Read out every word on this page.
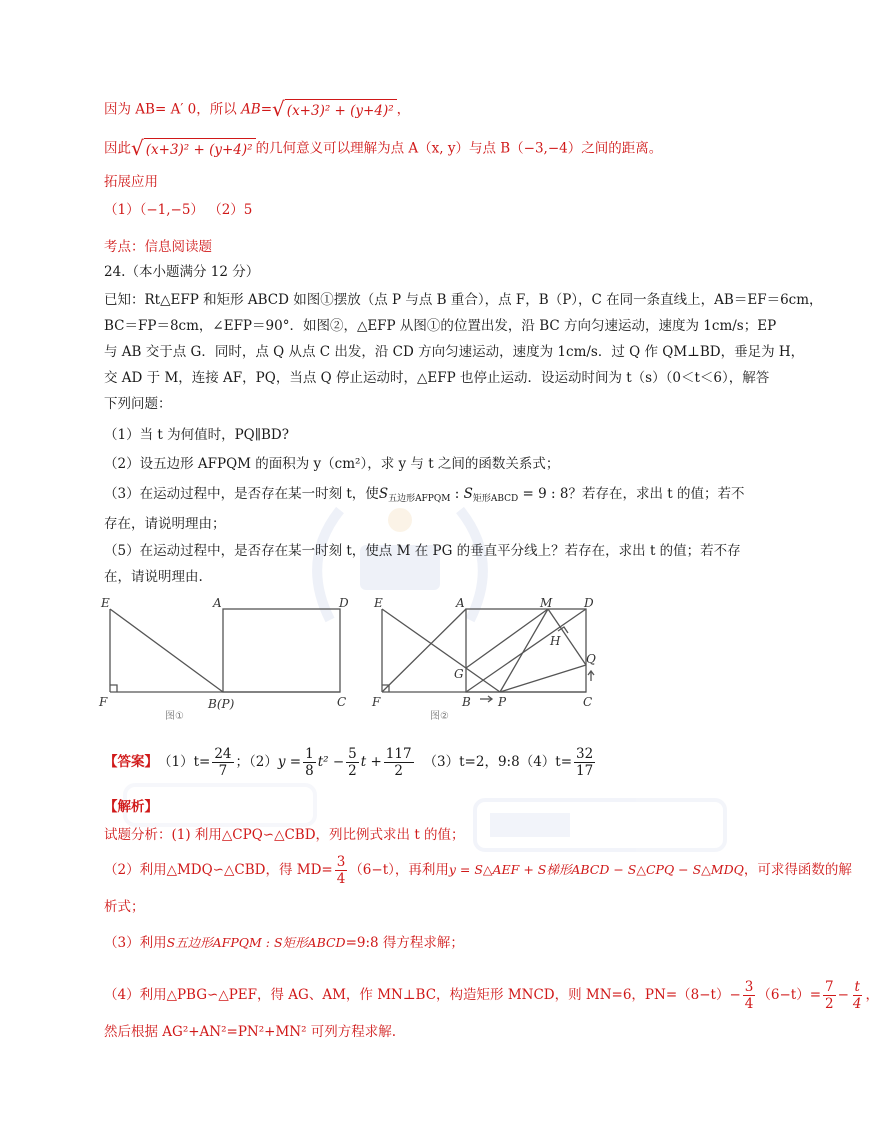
因为 AB= A′ 0，所以 AB= √ (x+3)² + (y+4)² ，
因此 √ (x+3)² + (y+4)² 的几何意义可以理解为点 A（x, y）与点 B（−3,−4）之间的距离。
拓展应用
（1）（−1,−5） （2）5
考点：信息阅读题
24.（本小题满分 12 分）
已知：Rt△EFP 和矩形 ABCD 如图①摆放（点 P 与点 B 重合），点 F，B（P），C 在同一条直线上，AB＝EF＝6cm，
BC＝FP＝8cm，∠EFP＝90°．如图②，△EFP 从图①的位置出发，沿 BC 方向匀速运动，速度为 1cm/s；EP
与 AB 交于点 G．同时，点 Q 从点 C 出发，沿 CD 方向匀速运动，速度为 1cm/s．过 Q 作 QM⊥BD，垂足为 H，
交 AD 于 M，连接 AF，PQ，当点 Q 停止运动时，△EFP 也停止运动．设运动时间为 t（s）（0＜t＜6），解答
下列问题：
（1）当 t 为何值时，PQ∥BD?
（2）设五边形 AFPQM 的面积为 y（cm²），求 y 与 t 之间的函数关系式；
（3）在运动过程中，是否存在某一时刻 t，使$S_{五边形AFPQM}$ : $S_{矩形ABCD} = 9$ : 8？若存在，求出 t 的值；若不
存在，请说明理由；
（5）在运动过程中，是否存在某一时刻 t，使点 M 在 PG 的垂直平分线上？若存在，求出 t 的值；若不存
在，请说明理由.
E	A	D
F	B(P)	C
图①
E	A	M	D
H
G
Q
F	B P	C
图②
【答案】 $(1)t= \frac{24}{7}$ ；（2） $y = \frac{1}{8} t^2 - \frac{5}{2}$ $t + \frac{117}{2} (3)t=2$，9:8（4）t= $\frac{32}{17}$
【解析】
试题分析：(1) 利用△CPQ∽△CBD，列比例式求出 t 的值；
（2）利用△MDQ∽△CBD，得 $MD= \frac{3}{4} (6-t)$，再利用 y = S△AEF + S梯形ABCD − S△CPQ − S△MDQ ，可求得函数的解
析式；
（3）利用S五边形AFPQM : S矩形ABCD=9:8 得方程求解；
（4）利用△PBG∽△PEF，得 AG、AM，作 MN⊥BC，构造矩形 MNCD，则 MN=6，$PN=(8-t)- \frac{3}{4} (6-t)= \frac{7}{2} - \frac{t}{4}$ ，
然后根据 AG²+AN²=PN²+MN² 可列方程求解.
